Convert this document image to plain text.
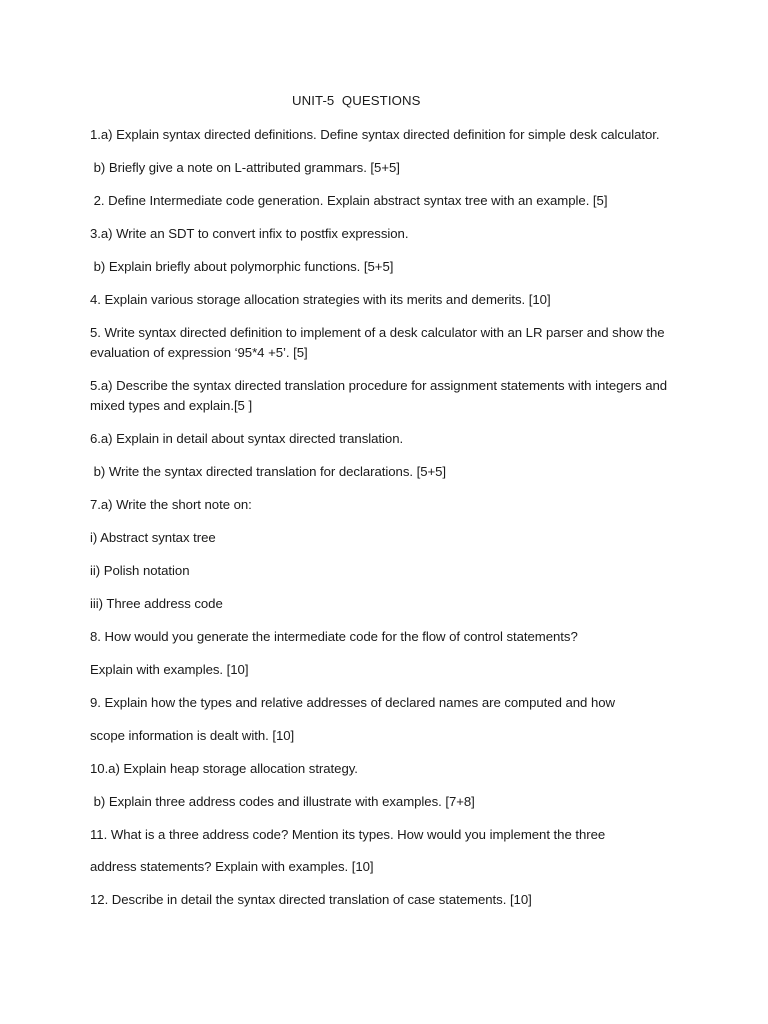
UNIT-5  QUESTIONS
1.a) Explain syntax directed definitions. Define syntax directed definition for simple desk calculator.
b) Briefly give a note on L-attributed grammars. [5+5]
2. Define Intermediate code generation. Explain abstract syntax tree with an example. [5]
3.a) Write an SDT to convert infix to postfix expression.
b) Explain briefly about polymorphic functions. [5+5]
4. Explain various storage allocation strategies with its merits and demerits. [10]
5. Write syntax directed definition to implement of a desk calculator with an LR parser and show the
evaluation of expression ‘95*4 +5’. [5]
5.a) Describe the syntax directed translation procedure for assignment statements with integers and
mixed types and explain.[5 ]
6.a) Explain in detail about syntax directed translation.
b) Write the syntax directed translation for declarations. [5+5]
7.a) Write the short note on:
i) Abstract syntax tree
ii) Polish notation
iii) Three address code
8. How would you generate the intermediate code for the flow of control statements?
Explain with examples. [10]
9. Explain how the types and relative addresses of declared names are computed and how
scope information is dealt with. [10]
10.a) Explain heap storage allocation strategy.
b) Explain three address codes and illustrate with examples. [7+8]
11. What is a three address code? Mention its types. How would you implement the three
address statements? Explain with examples. [10]
12. Describe in detail the syntax directed translation of case statements. [10]
